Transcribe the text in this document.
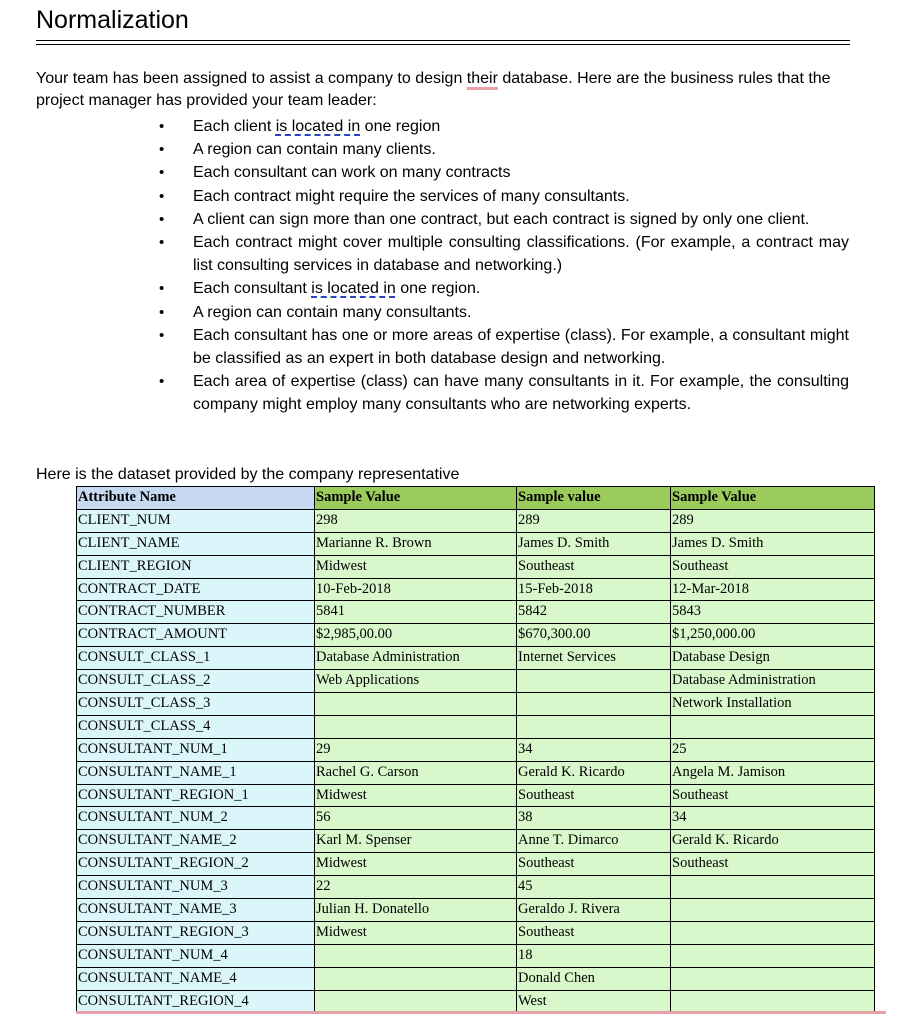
Normalization

Your team has been assigned to assist a company to design their database. Here are the business rules that the project manager has provided your team leader:

• Each client is located in one region
• A region can contain many clients.
• Each consultant can work on many contracts
• Each contract might require the services of many consultants.
• A client can sign more than one contract, but each contract is signed by only one client.
• Each contract might cover multiple consulting classifications. (For example, a contract may list consulting services in database and networking.)
• Each consultant is located in one region.
• A region can contain many consultants.
• Each consultant has one or more areas of expertise (class). For example, a consultant might be classified as an expert in both database design and networking.
• Each area of expertise (class) can have many consultants in it. For example, the consulting company might employ many consultants who are networking experts.
Here is the dataset provided by the company representative
Attribute Name	Sample Value	Sample value	Sample Value
CLIENT_NUM	298	289	289
CLIENT_NAME	Marianne R. Brown	James D. Smith	James D. Smith
CLIENT_REGION	Midwest	Southeast	Southeast
CONTRACT_DATE	10-Feb-2018	15-Feb-2018	12-Mar-2018
CONTRACT_NUMBER	5841	5842	5843
CONTRACT_AMOUNT	$2,985,00.00	$670,300.00	$1,250,000.00
CONSULT_CLASS_1	Database Administration	Internet Services	Database Design
CONSULT_CLASS_2	Web Applications		Database Administration
CONSULT_CLASS_3			Network Installation
CONSULT_CLASS_4			
CONSULTANT_NUM_1	29	34	25
CONSULTANT_NAME_1	Rachel G. Carson	Gerald K. Ricardo	Angela M. Jamison
CONSULTANT_REGION_1	Midwest	Southeast	Southeast
CONSULTANT_NUM_2	56	38	34
CONSULTANT_NAME_2	Karl M. Spenser	Anne T. Dimarco	Gerald K. Ricardo
CONSULTANT_REGION_2	Midwest	Southeast	Southeast
CONSULTANT_NUM_3	22	45	
CONSULTANT_NAME_3	Julian H. Donatello	Geraldo J. Rivera	
CONSULTANT_REGION_3	Midwest	Southeast	
CONSULTANT_NUM_4		18	
CONSULTANT_NAME_4		Donald Chen	
CONSULTANT_REGION_4		West	
